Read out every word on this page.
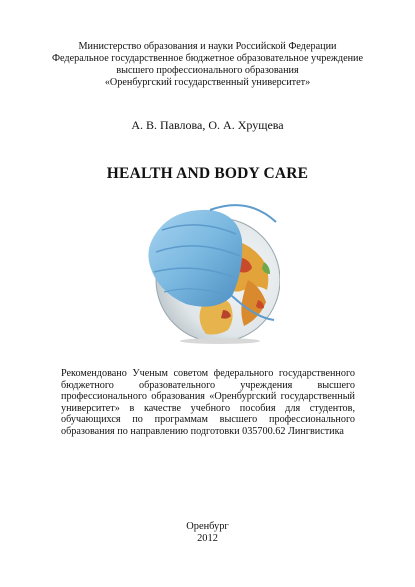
Министерство образования и науки Российской Федерации
Федеральное государственное бюджетное образовательное учреждение
высшего профессионального образования
«Оренбургский государственный университет»
А. В. Павлова, О. А. Хрущева
HEALTH AND BODY CARE
Рекомендовано Ученым советом федерального государственного бюджетного образовательного учреждения высшего профессионального образования «Оренбургский государственный университет» в качестве учебного пособия для студентов, обучающихся по программам высшего профессионального образования по направлению подготовки 035700.62 Лингвистика
Оренбург
2012
